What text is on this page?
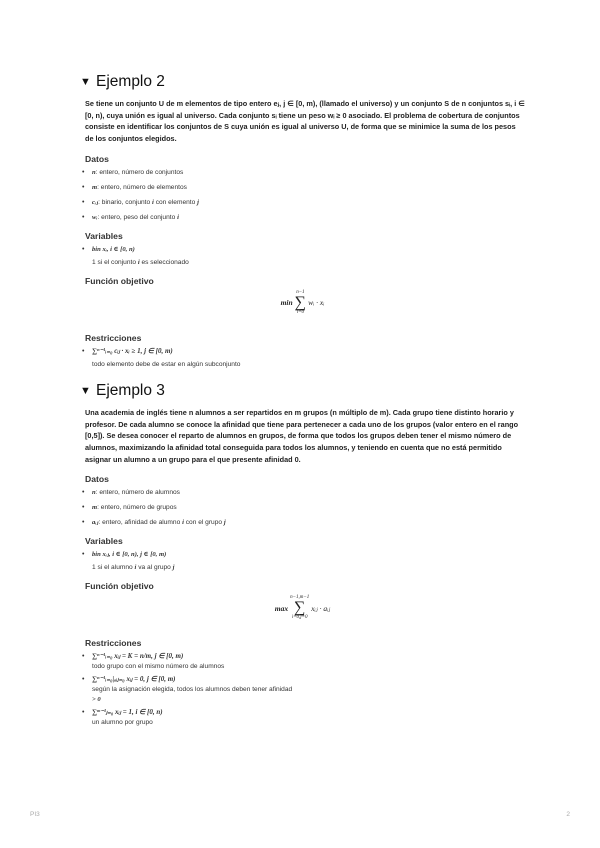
▼ Ejemplo 2

Se tiene un conjunto U de m elementos de tipo entero eⱼ, j ∈ [0, m), (llamado el universo) y un conjunto S de n conjuntos sᵢ, i ∈ [0, n), cuya unión es igual al universo. Cada conjunto sᵢ tiene un peso wᵢ ≥ 0 asociado. El problema de cobertura de conjuntos consiste en identificar los conjuntos de S cuya unión es igual al universo U, de forma que se minimice la suma de los pesos de los conjuntos elegidos.

Datos
• n: entero, número de conjuntos
• m: entero, número de elementos
• cᵢⱼ: binario, conjunto i con elemento j
• wᵢ: entero, peso del conjunto i
Variables
• bin xᵢ, i ∈ [0, n)
1 si el conjunto i es seleccionado
Función objetivo
min
n−1
∑
i=0
wᵢ · xᵢ
Restricciones
• ∑ⁿ⁻¹ᵢ₌₀ cᵢⱼ · xᵢ ≥ 1, j ∈ [0, m)
todo elemento debe de estar en algún subconjunto
▼ Ejemplo 3

Una academia de inglés tiene n alumnos a ser repartidos en m grupos (n múltiplo de m). Cada grupo tiene distinto horario y profesor. De cada alumno se conoce la afinidad que tiene para pertenecer a cada uno de los grupos (valor entero en el rango [0,5]). Se desea conocer el reparto de alumnos en grupos, de forma que todos los grupos deben tener el mismo número de alumnos, maximizando la afinidad total conseguida para todos los alumnos, y teniendo en cuenta que no está permitido asignar un alumno a un grupo para el que presente afinidad 0.

Datos
• n: entero, número de alumnos
• m: entero, número de grupos
• aᵢⱼ: entero, afinidad de alumno i con el grupo j
Variables
• bin xᵢⱼ, i ∈ [0, n), j ∈ [0, m)
1 si el alumno i va al grupo j
Función objetivo
max
n−1,m−1
∑
i=0,j=0
xᵢⱼ · aᵢⱼ
Restricciones
• ∑ⁿ⁻¹ᵢ₌₀ xᵢⱼ = K = n/m, j ∈ [0, m)
todo grupo con el mismo número de alumnos
• ∑ⁿ⁻¹ᵢ₌₀|ₐᵢⱼ₌₀ xᵢⱼ = 0, j ∈ [0, m)
según la asignación elegida, todos los alumnos deben tener afinidad
> 0
• ∑ᵐ⁻¹ⱼ₌₀ xᵢⱼ = 1, i ∈ [0, n)
un alumno por grupo
PI3	2
